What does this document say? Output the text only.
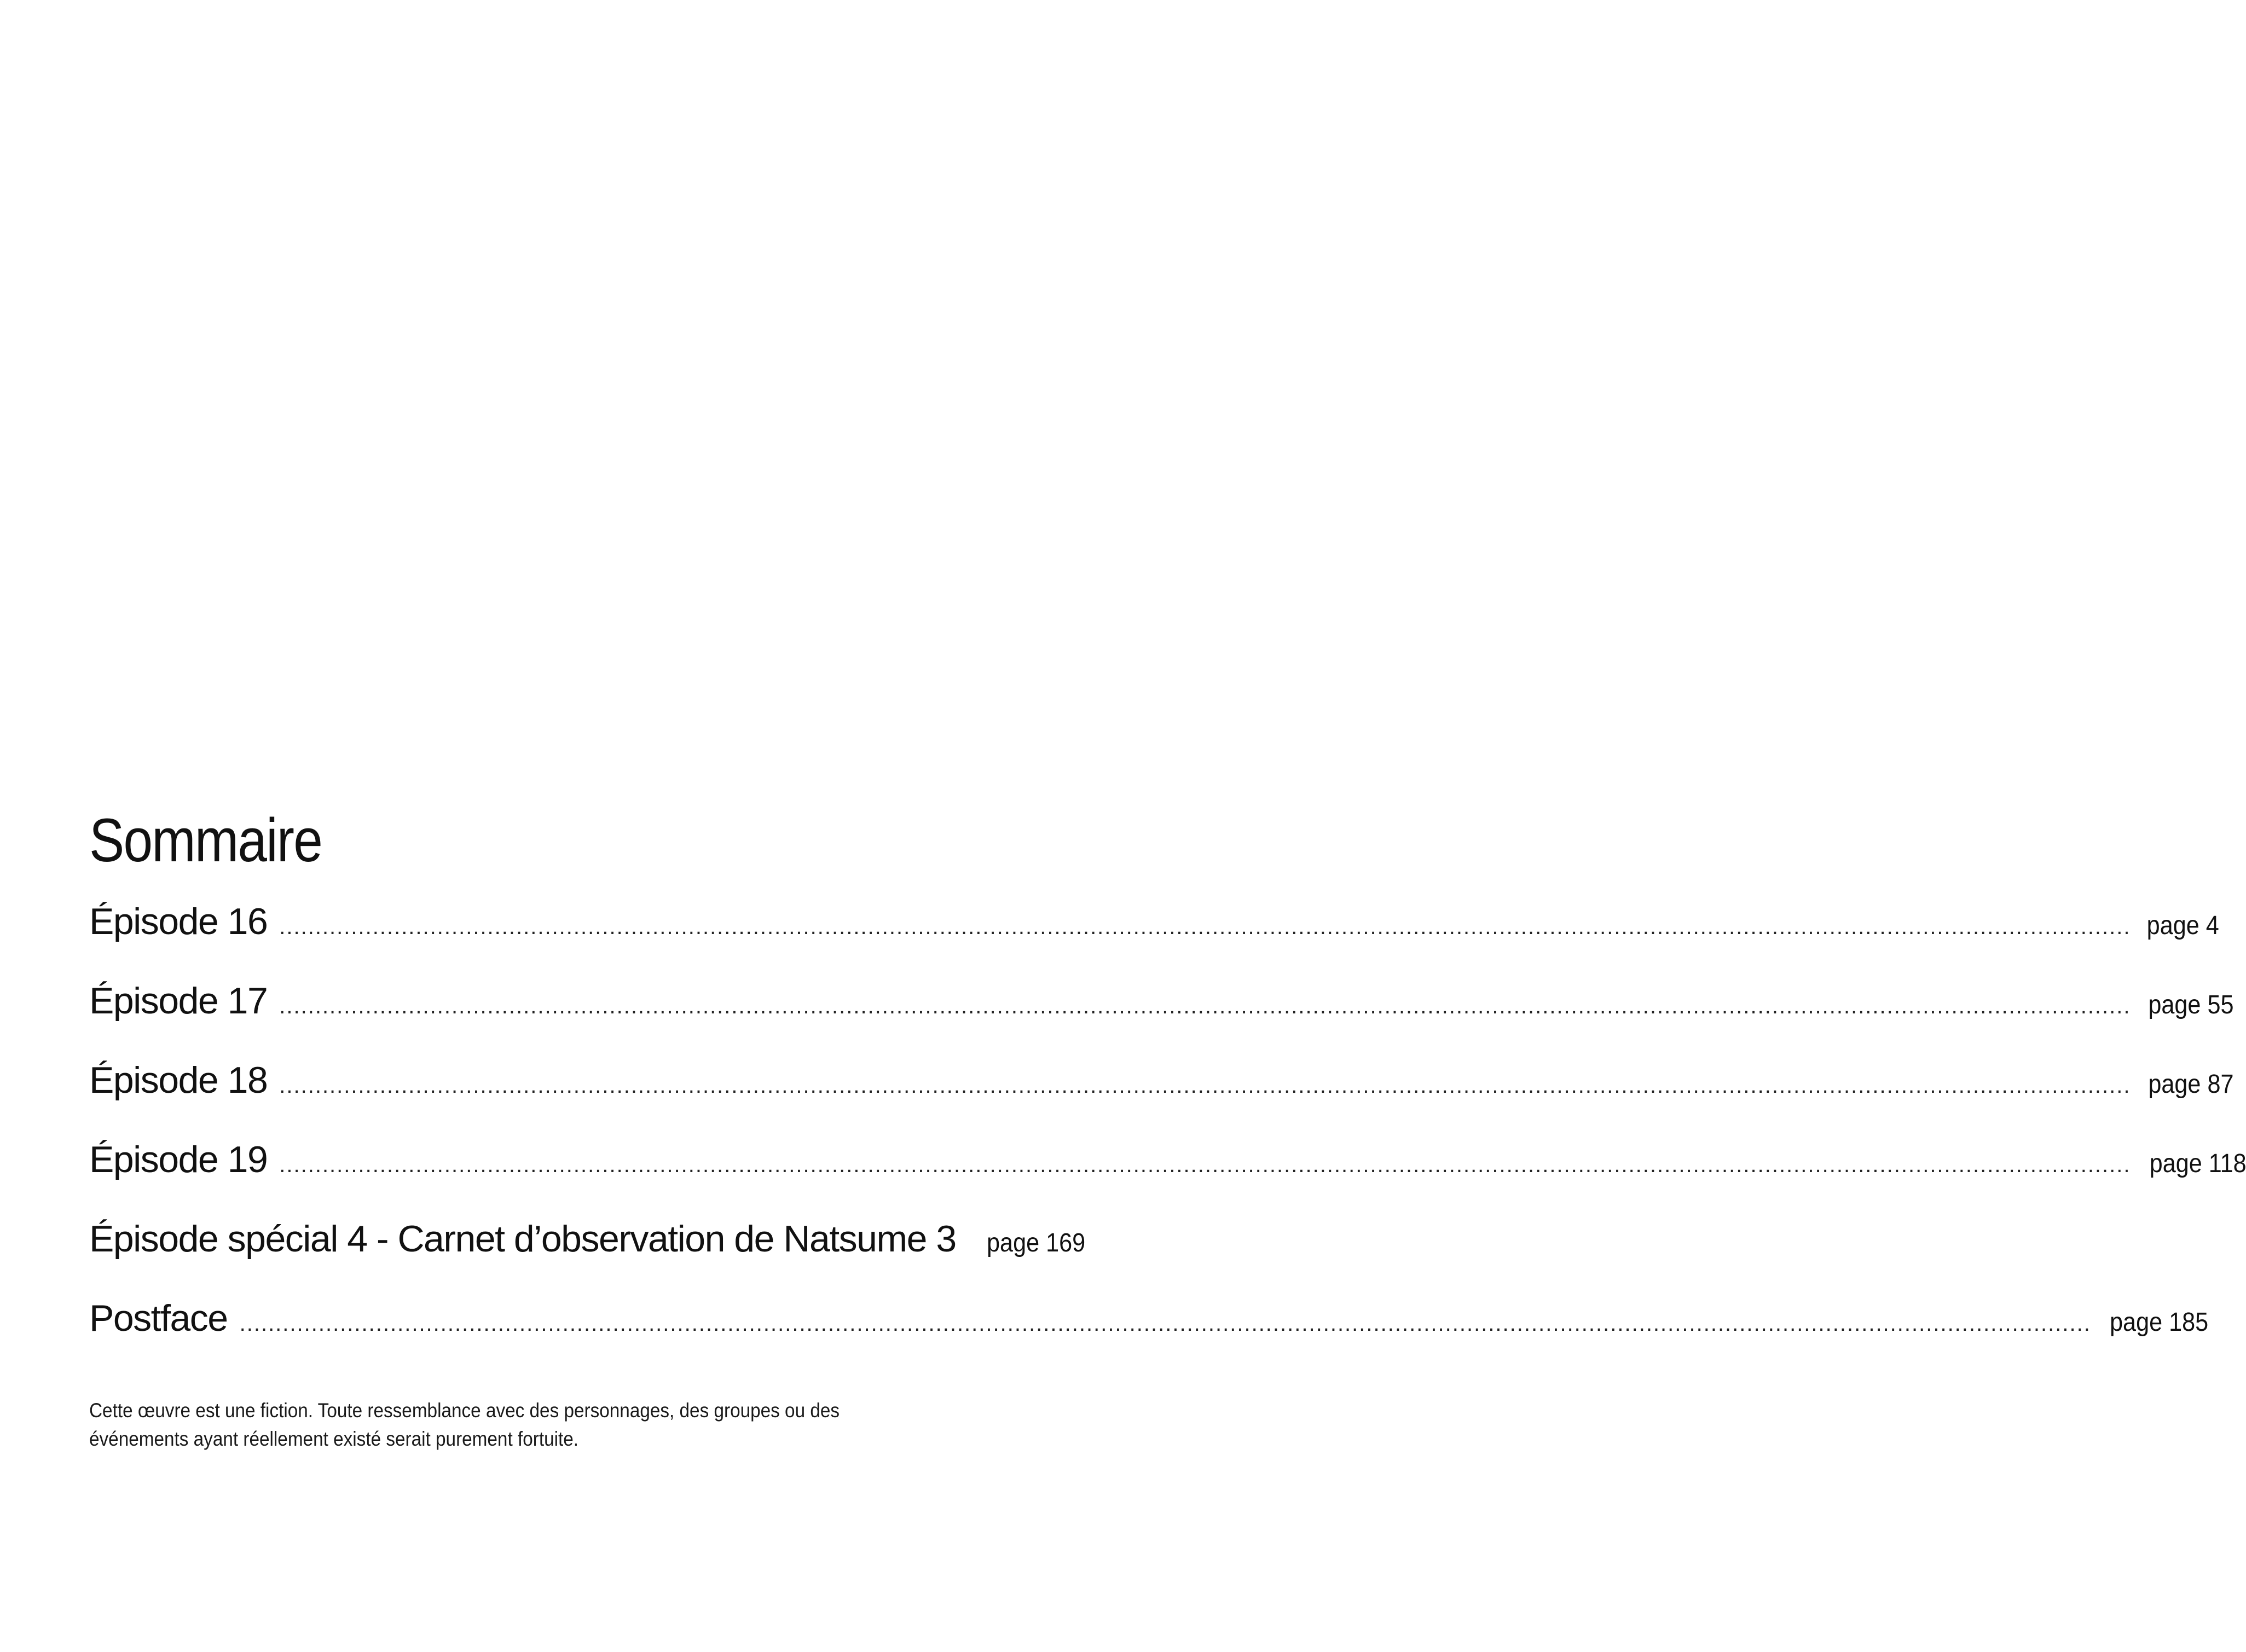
Sommaire
Épisode 16 .....	page 4
Épisode 17 .....	page 55
Épisode 18 .....	page 87
Épisode 19 .....	page 118
Épisode spécial 4 - Carnet d’observation de Natsume 3 page 169
Postface .....	page 185

Cette œuvre est une fiction. Toute ressemblance avec des personnages, des groupes ou des
événements ayant réellement existé serait purement fortuite.
